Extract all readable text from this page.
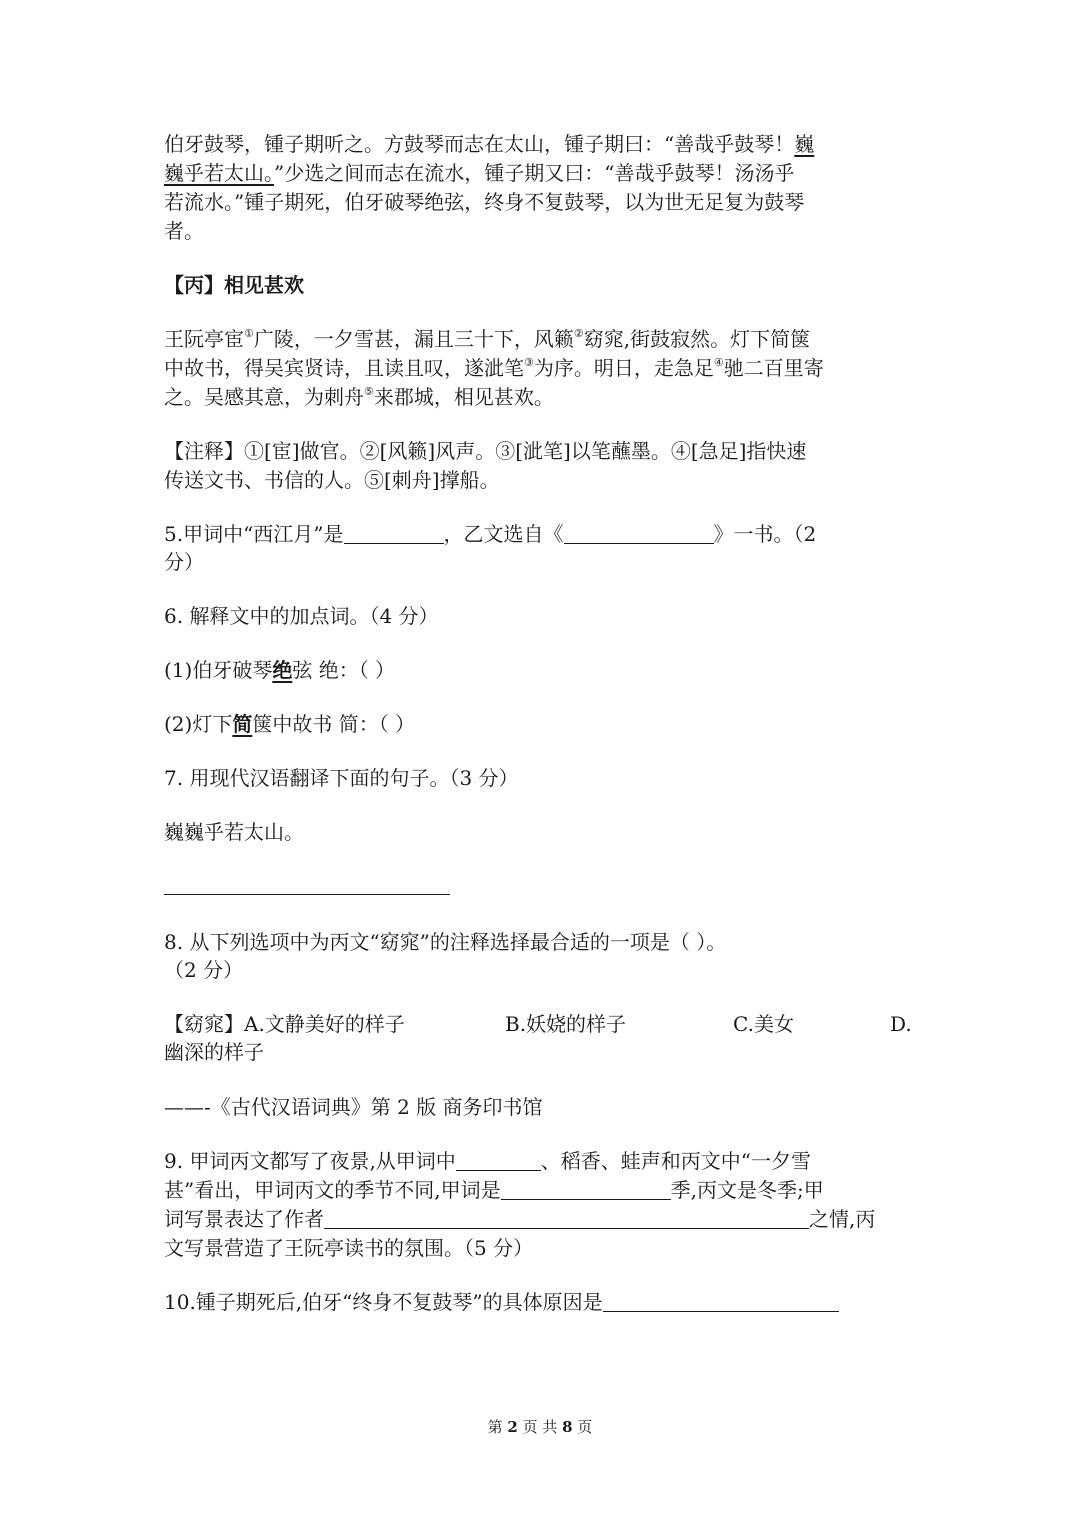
伯牙鼓琴，锺子期听之。方鼓琴而志在太山，锺子期曰：“善哉乎鼓琴！巍
巍乎若太山。”少选之间而志在流水，锺子期又曰：“善哉乎鼓琴！汤汤乎
若流水。”锺子期死，伯牙破琴绝弦，终身不复鼓琴，以为世无足复为鼓琴
者。
【丙】相见甚欢
王阮亭宦①广陵，一夕雪甚，漏且三十下，风籁②窈窕,街鼓寂然。灯下简箧
中故书，得吴宾贤诗，且读且叹，遂泚笔③为序。明日，走急足④驰二百里寄
之。吴感其意，为刺舟⑤来郡城，相见甚欢。
【注释】①[宦]做官。②[风籁]风声。③[泚笔]以笔蘸墨。④[急足]指快速
传送文书、书信的人。⑤[刺舟]撑船。
5.甲词中“西江月”是	，乙文选自《	》一书。（2
分）
6. 解释文中的加点词。（4 分）
(1)伯牙破琴绝弦 绝：（ ）
(2)灯下简箧中故书 简：（ ）
7. 用现代汉语翻译下面的句子。（3 分）
巍巍乎若太山。
8. 从下列选项中为丙文“窈窕”的注释选择最合适的一项是（ ）。
（2 分）
【窈窕】A.文静美好的样子	B.妖娆的样子	C.美女	D.
幽深的样子
——-《古代汉语词典》第 2 版 商务印书馆
9. 甲词丙文都写了夜景,从甲词中	、稻香、蛙声和丙文中“一夕雪
甚”看出，甲词丙文的季节不同,甲词是	季,丙文是冬季;甲
词写景表达了作者	之情,丙
文写景营造了王阮亭读书的氛围。（5 分）
10.锺子期死后,伯牙“终身不复鼓琴”的具体原因是
第 2 页 共 8 页
